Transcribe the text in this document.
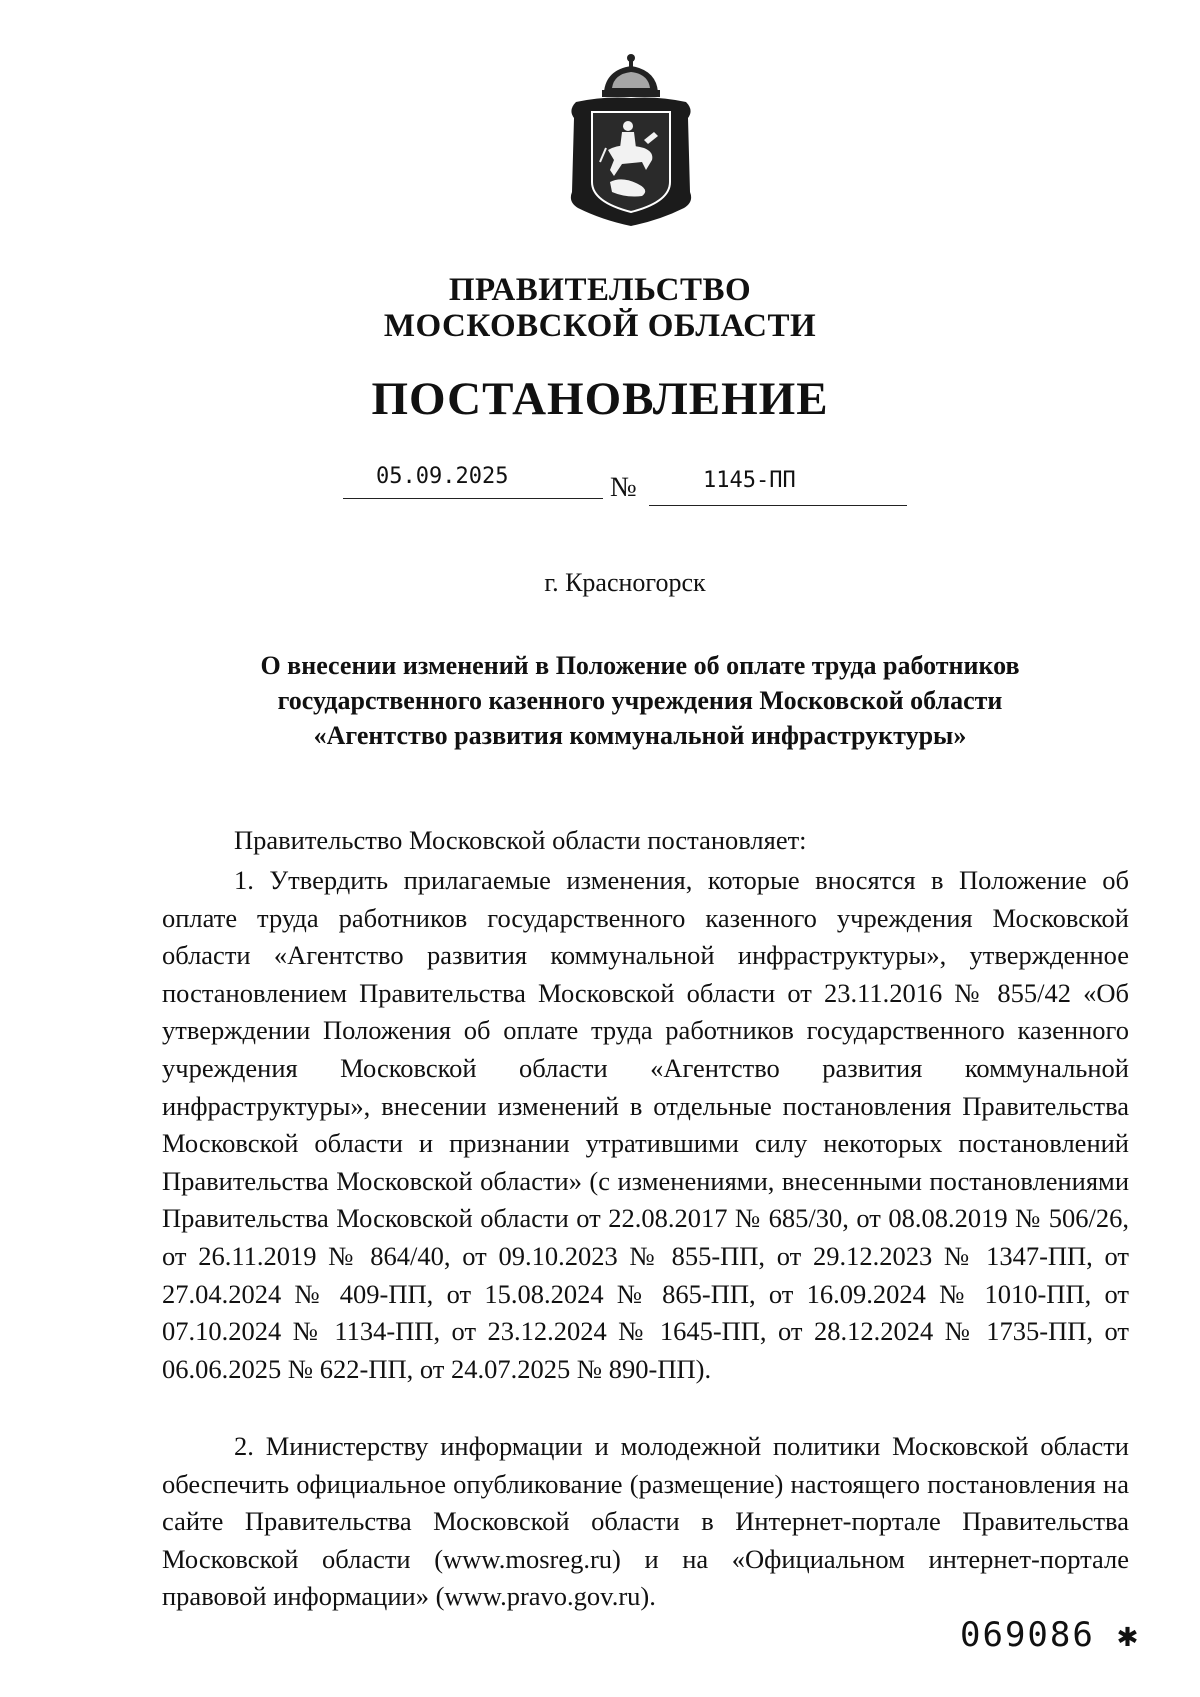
ПРАВИТЕЛЬСТВО
МОСКОВСКОЙ ОБЛАСТИ
ПОСТАНОВЛЕНИЕ
05.09.2025	№	1145-ПП
г. Красногорск
О внесении изменений в Положение об оплате труда работников
государственного казенного учреждения Московской области
«Агентство развития коммунальной инфраструктуры»
Правительство Московской области постановляет:
1. Утвердить прилагаемые изменения, которые вносятся в Положение об оплате труда работников государственного казенного учреждения Московской области «Агентство развития коммунальной инфраструктуры», утвержденное постановлением Правительства Московской области от 23.11.2016 № 855/42 «Об утверждении Положения об оплате труда работников государственного казенного учреждения Московской области «Агентство развития коммунальной инфраструктуры», внесении изменений в отдельные постановления Правительства Московской области и признании утратившими силу некоторых постановлений Правительства Московской области» (с изменениями, внесенными постановлениями Правительства Московской области от 22.08.2017 № 685/30, от 08.08.2019 № 506/26, от 26.11.2019 № 864/40, от 09.10.2023 № 855-ПП, от 29.12.2023 № 1347-ПП, от 27.04.2024 № 409-ПП, от 15.08.2024 № 865-ПП, от 16.09.2024 № 1010-ПП, от 07.10.2024 № 1134-ПП, от 23.12.2024 № 1645-ПП, от 28.12.2024 № 1735-ПП, от 06.06.2025 № 622-ПП, от 24.07.2025 № 890-ПП).
2. Министерству информации и молодежной политики Московской области обеспечить официальное опубликование (размещение) настоящего постановления на сайте Правительства Московской области в Интернет-портале Правительства Московской области (www.mosreg.ru) и на «Официальном интернет-портале правовой информации» (www.pravo.gov.ru).
069086 ✱
